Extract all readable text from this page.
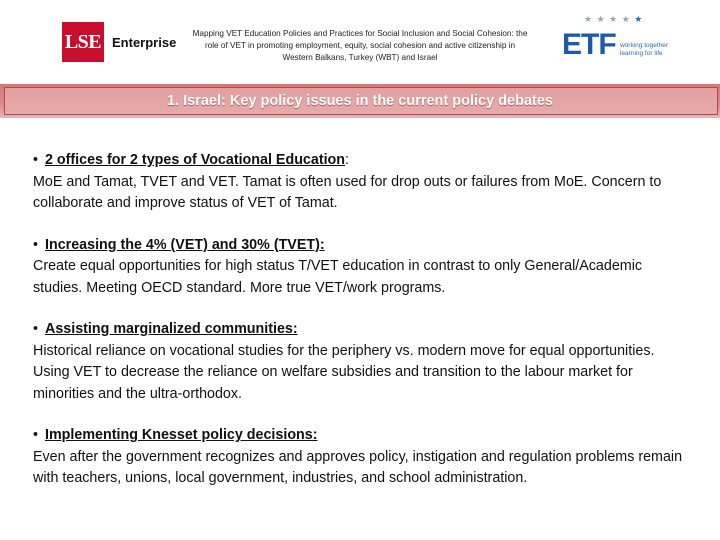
LSE Enterprise
Mapping VET Education Policies and Practices for Social Inclusion and Social Cohesion: the role of VET in promoting employment, equity, social cohesion and active citizenship in Western Balkans, Turkey (WBT) and Israel
★ ★ ★ ★ ★
ETF working together learning for life
1. Israel: Key policy issues in the current policy debates
• 2 offices for 2 types of Vocational Education:
MoE and Tamat, TVET and VET. Tamat is often used for drop outs or failures from MoE. Concern to collaborate and improve status of VET of Tamat.
• Increasing the 4% (VET) and 30% (TVET):
Create equal opportunities for high status T/VET education in contrast to only General/Academic studies. Meeting OECD standard. More true VET/work programs.
• Assisting marginalized communities:
Historical reliance on vocational studies for the periphery vs. modern move for equal opportunities. Using VET to decrease the reliance on welfare subsidies and transition to the labour market for minorities and the ultra-orthodox.
• Implementing Knesset policy decisions:
Even after the government recognizes and approves policy, instigation and regulation problems remain with teachers, unions, local government, industries, and school administration.
